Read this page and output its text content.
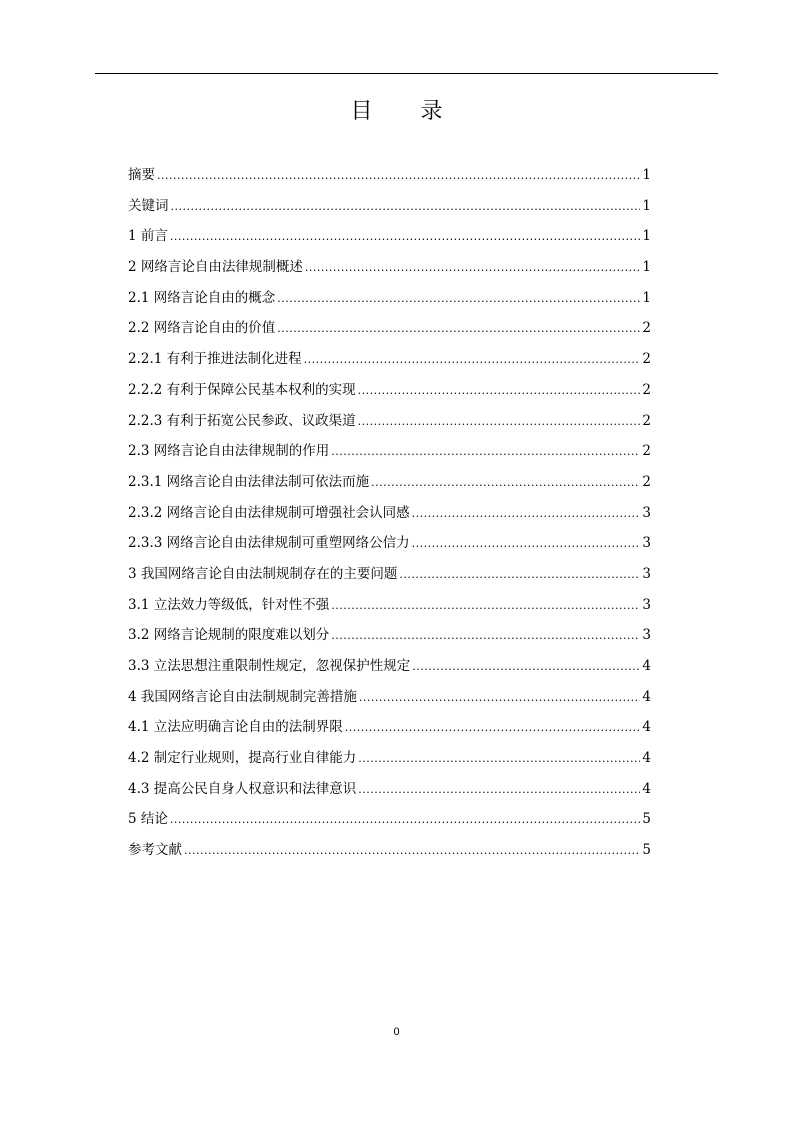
目 录
摘要 .....	1
关键词 .....	1
1 前言 .....	1
2 网络言论自由法律规制概述 .....	1
2.1 网络言论自由的概念 .....	1
2.2 网络言论自由的价值 .....	2
2.2.1 有利于推进法制化进程 .....	2
2.2.2 有利于保障公民基本权利的实现 .....	2
2.2.3 有利于拓宽公民参政、议政渠道 .....	2
2.3 网络言论自由法律规制的作用 .....	2
2.3.1 网络言论自由法律法制可依法而施 .....	2
2.3.2 网络言论自由法律规制可增强社会认同感 .....	3
2.3.3 网络言论自由法律规制可重塑网络公信力 .....	3
3 我国网络言论自由法制规制存在的主要问题 .....	3
3.1 立法效力等级低，针对性不强 .....	3
3.2 网络言论规制的限度难以划分 .....	3
3.3 立法思想注重限制性规定，忽视保护性规定 .....	4
4 我国网络言论自由法制规制完善措施 .....	4
4.1 立法应明确言论自由的法制界限 .....	4
4.2 制定行业规则，提高行业自律能力 .....	4
4.3 提高公民自身人权意识和法律意识 .....	4
5 结论 .....	5
参考文献 .....	5
0
